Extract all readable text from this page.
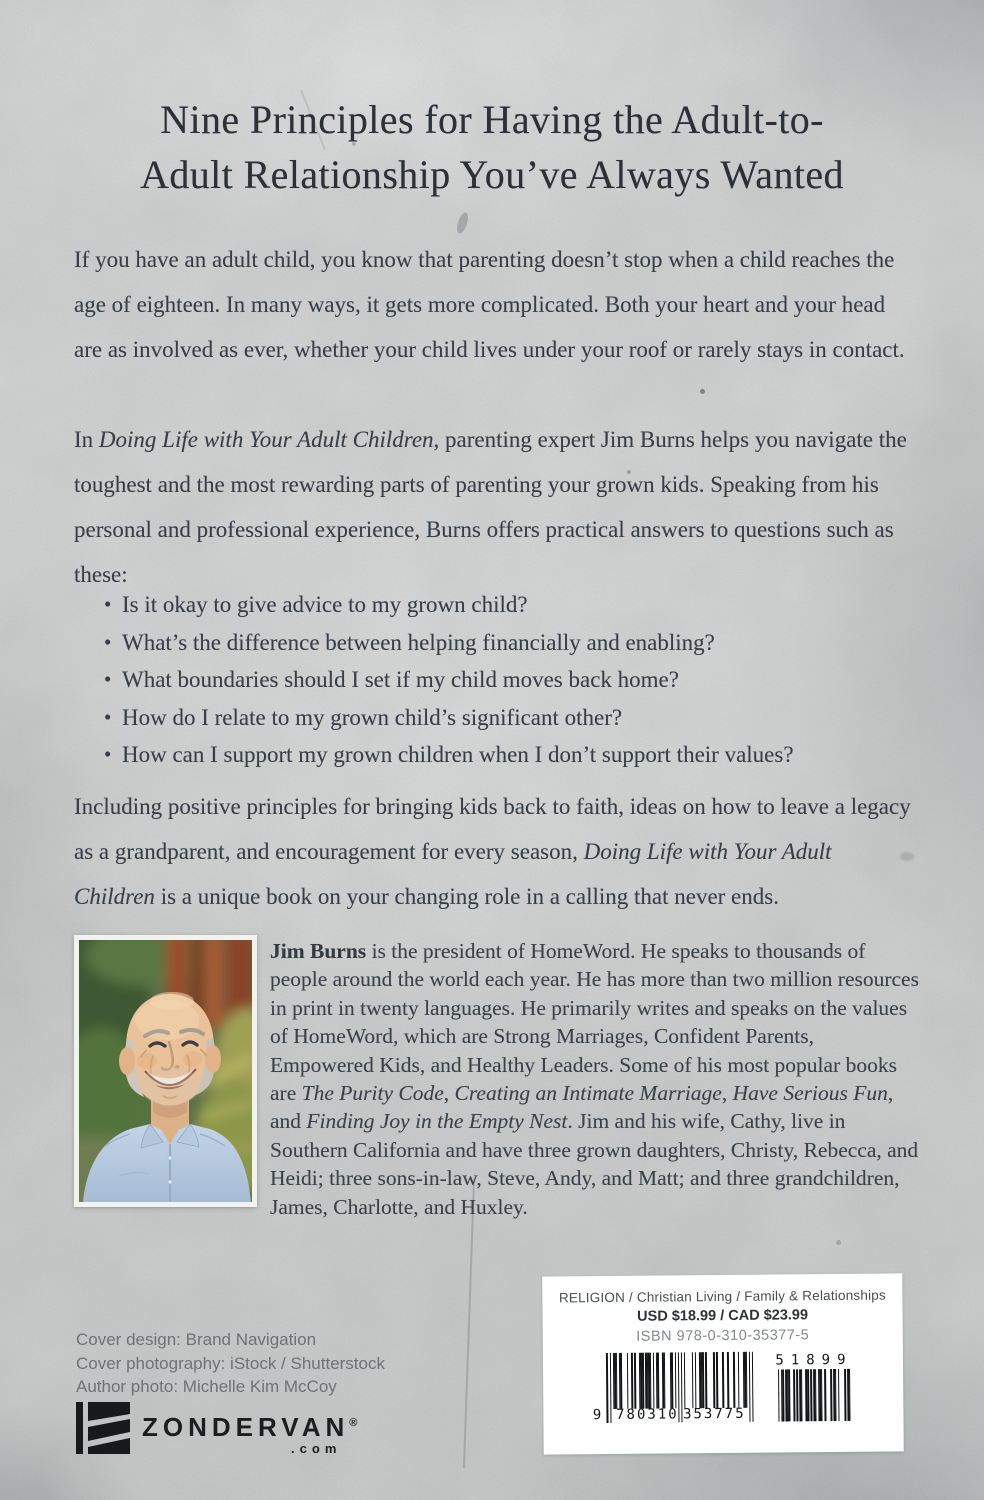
Nine Principles for Having the Adult-to-
Adult Relationship You’ve Always Wanted

If you have an adult child, you know that parenting doesn’t stop when a child reaches the age of eighteen. In many ways, it gets more complicated. Both your heart and your head are as involved as ever, whether your child lives under your roof or rarely stays in contact.

In Doing Life with Your Adult Children, parenting expert Jim Burns helps you navigate the toughest and the most rewarding parts of parenting your grown kids. Speaking from his personal and professional experience, Burns offers practical answers to questions such as these:

• Is it okay to give advice to my grown child?
• What’s the difference between helping financially and enabling?
• What boundaries should I set if my child moves back home?
• How do I relate to my grown child’s significant other?
• How can I support my grown children when I don’t support their values?

Including positive principles for bringing kids back to faith, ideas on how to leave a legacy as a grandparent, and encouragement for every season, Doing Life with Your Adult Children is a unique book on your changing role in a calling that never ends.

Jim Burns is the president of HomeWord. He speaks to thousands of people around the world each year. He has more than two million resources in print in twenty languages. He primarily writes and speaks on the values of HomeWord, which are Strong Marriages, Confident Parents, Empowered Kids, and Healthy Leaders. Some of his most popular books are The Purity Code, Creating an Intimate Marriage, Have Serious Fun, and Finding Joy in the Empty Nest. Jim and his wife, Cathy, live in Southern California and have three grown daughters, Christy, Rebecca, and Heidi; three sons-in-law, Steve, Andy, and Matt; and three grandchildren, James, Charlotte, and Huxley.

Cover design: Brand Navigation
Cover photography: iStock / Shutterstock
Author photo: Michelle Kim McCoy
ZONDERVAN®
.com
RELIGION / Christian Living / Family & Relationships
USD $18.99 / CAD $23.99
ISBN 978-0-310-35377-5
9 780310 353775
51899
